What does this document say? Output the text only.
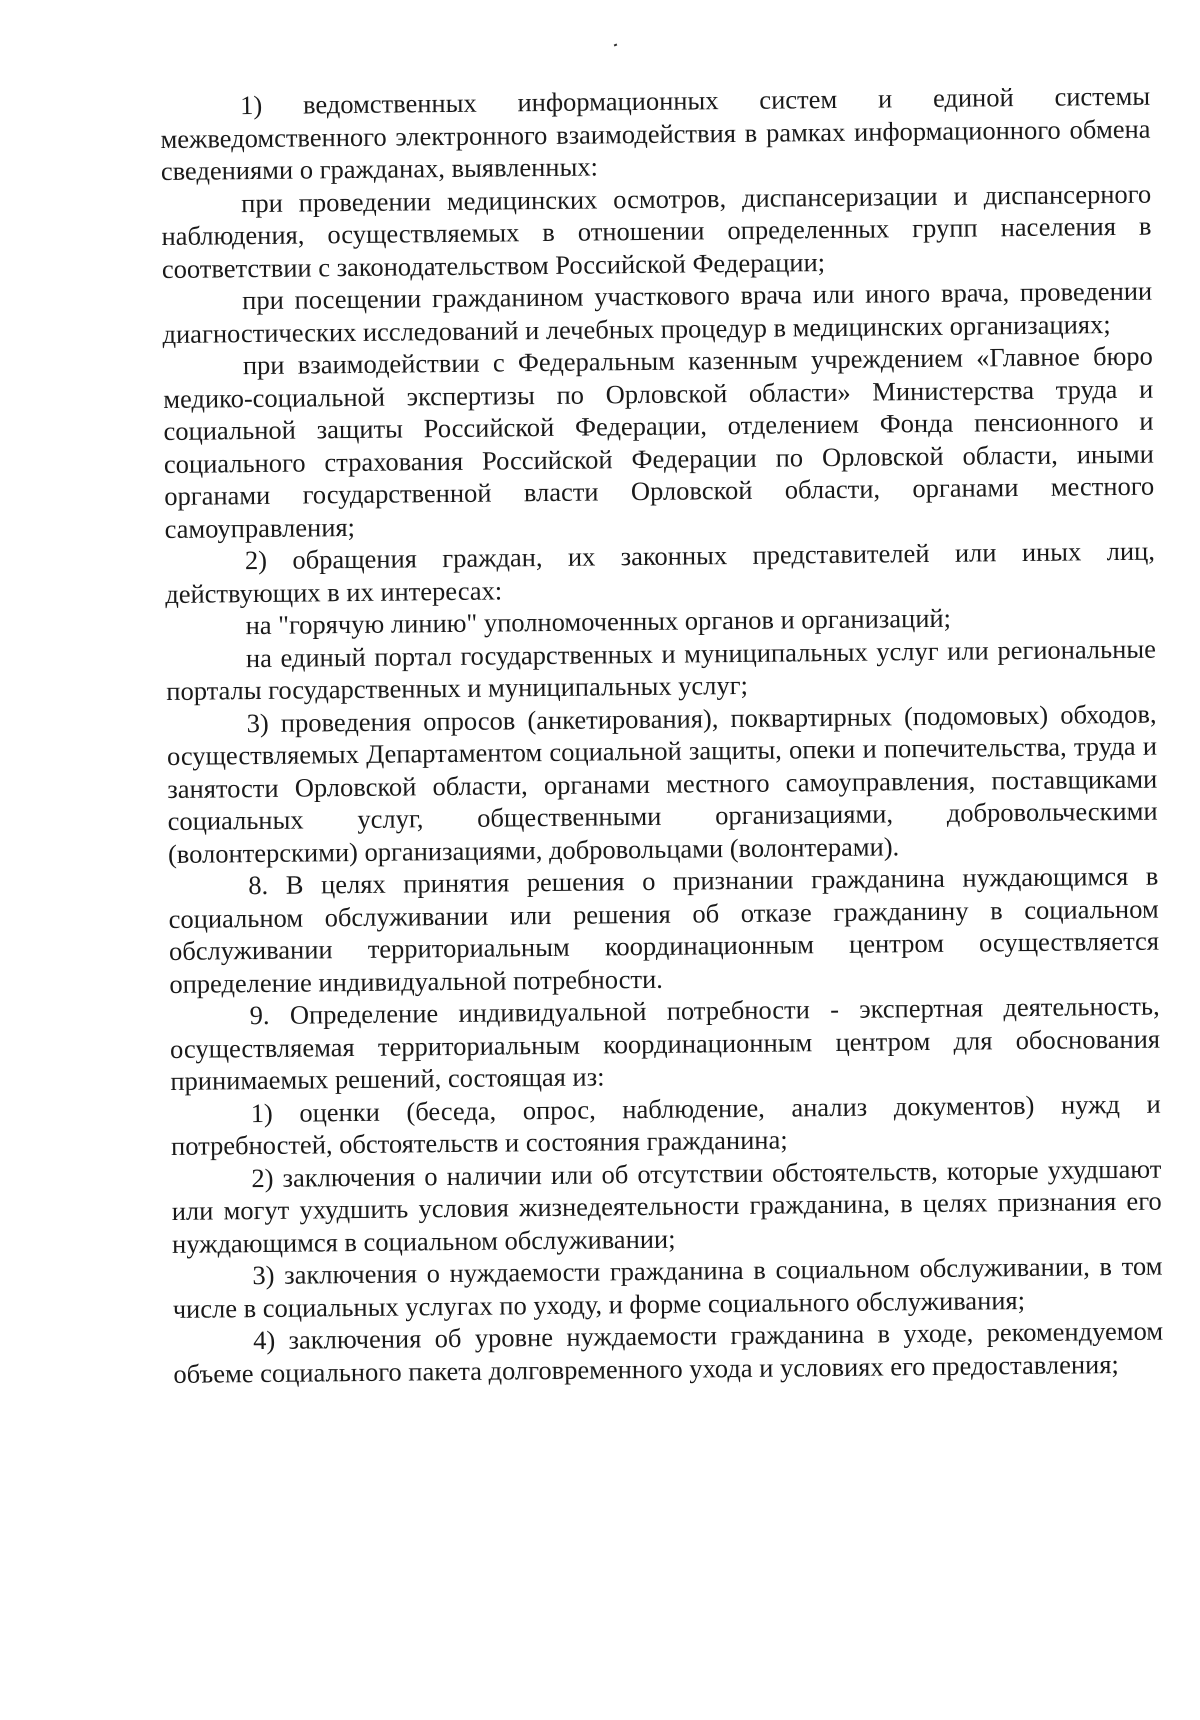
1) ведомственных информационных систем и единой системы межведомственного электронного взаимодействия в рамках информационного обмена сведениями о гражданах, выявленных:

при проведении медицинских осмотров, диспансеризации и диспансерного наблюдения, осуществляемых в отношении определенных групп населения в соответствии с законодательством Российской Федерации;

при посещении гражданином участкового врача или иного врача, проведении диагностических исследований и лечебных процедур в медицинских организациях;

при взаимодействии с Федеральным казенным учреждением «Главное бюро медико-социальной экспертизы по Орловской области» Министерства труда и социальной защиты Российской Федерации, отделением Фонда пенсионного и социального страхования Российской Федерации по Орловской области, иными органами государственной власти Орловской области, органами местного самоуправления;

2) обращения граждан, их законных представителей или иных лиц, действующих в их интересах:

на "горячую линию" уполномоченных органов и организаций;

на единый портал государственных и муниципальных услуг или региональные порталы государственных и муниципальных услуг;

3) проведения опросов (анкетирования), поквартирных (подомовых) обходов, осуществляемых Департаментом социальной защиты, опеки и попечительства, труда и занятости Орловской области, органами местного самоуправления, поставщиками социальных услуг, общественными организациями, добровольческими (волонтерскими) организациями, добровольцами (волонтерами).

8. В целях принятия решения о признании гражданина нуждающимся в социальном обслуживании или решения об отказе гражданину в социальном обслуживании территориальным координационным центром осуществляется определение индивидуальной потребности.

9. Определение индивидуальной потребности - экспертная деятельность, осуществляемая территориальным координационным центром для обоснования принимаемых решений, состоящая из:

1) оценки (беседа, опрос, наблюдение, анализ документов) нужд и потребностей, обстоятельств и состояния гражданина;

2) заключения о наличии или об отсутствии обстоятельств, которые ухудшают или могут ухудшить условия жизнедеятельности гражданина, в целях признания его нуждающимся в социальном обслуживании;

3) заключения о нуждаемости гражданина в социальном обслуживании, в том числе в социальных услугах по уходу, и форме социального обслуживания;

4) заключения об уровне нуждаемости гражданина в уходе, рекомендуемом объеме социального пакета долговременного ухода и условиях его предоставления;
